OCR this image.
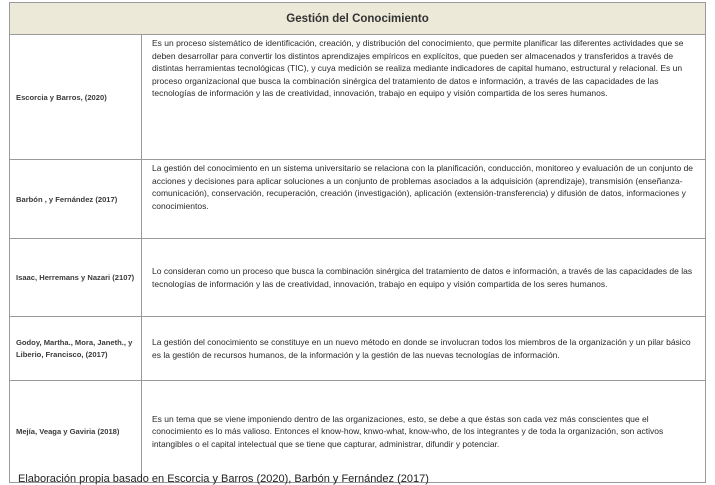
Gestión del Conocimiento
Escorcia y Barros, (2020)
Es un proceso sistemático de identificación, creación, y distribución del conocimiento, que permite planificar las diferentes actividades que se deben desarrollar para convertir los distintos aprendizajes empíricos en explícitos, que pueden ser almacenados y transferidos a través de distintas herramientas tecnológicas (TIC), y cuya medición se realiza mediante indicadores de capital humano, estructural y relacional. Es un proceso organizacional que busca la combinación sinérgica del tratamiento de datos e información, a través de las capacidades de las tecnologías de información y las de creatividad, innovación, trabajo en equipo y visión compartida de los seres humanos.
Barbón , y Fernández (2017)
La gestión del conocimiento en un sistema universitario se relaciona con la planificación, conducción, monitoreo y evaluación de un conjunto de acciones y decisiones para aplicar soluciones a un conjunto de problemas asociados a la adquisición (aprendizaje), transmisión (enseñanza-comunicación), conservación, recuperación, creación (investigación), aplicación (extensión-transferencia) y difusión de datos, informaciones y conocimientos.
Isaac, Herremans y Nazari (2107)
Lo consideran como un proceso que busca la combinación sinérgica del tratamiento de datos e información, a través de las capacidades de las tecnologías de información y las de creatividad, innovación, trabajo en equipo y visión compartida de los seres humanos.
Godoy, Martha., Mora, Janeth., y Liberio, Francisco, (2017)
La gestión del conocimiento se constituye en un nuevo método en donde se involucran todos los miembros de la organización y un pilar básico es la gestión de recursos humanos, de la información y la gestión de las nuevas tecnologías de información.
Mejía, Veaga y Gaviria (2018)
Es un tema que se viene imponiendo dentro de las organizaciones, esto, se debe a que éstas son cada vez más conscientes que el conocimiento es lo más valioso. Entonces el know-how, knwo-what, know-who, de los integrantes y de toda la organización, son activos intangibles o el capital intelectual que se tiene que capturar, administrar, difundir y potenciar.
Elaboración propia basado en Escorcia y Barros (2020), Barbón y Fernández (2017)
